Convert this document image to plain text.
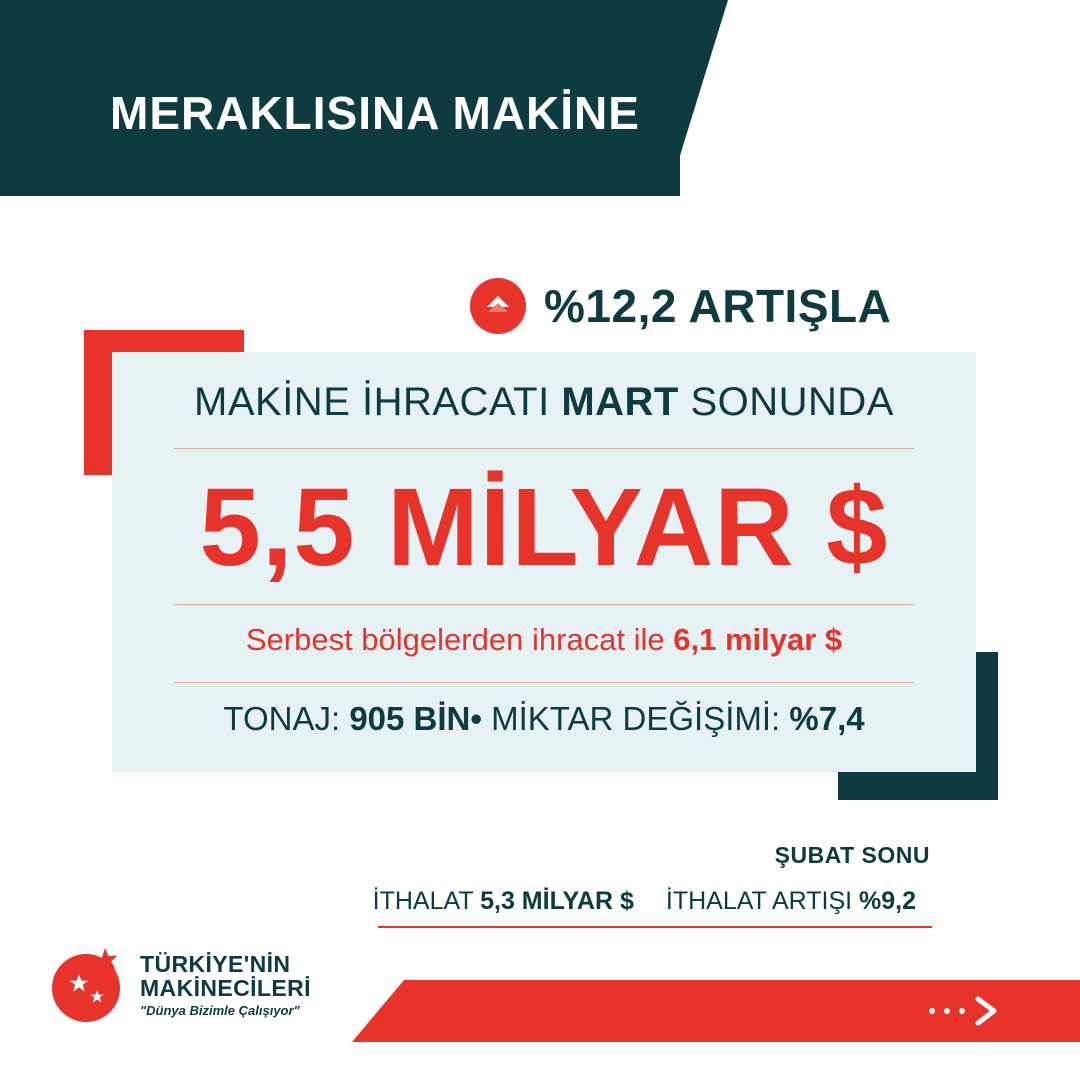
MERAKLISINA MAKİNE
%12,2 ARTIŞLA
MAKİNE İHRACATI MART SONUNDA
5,5 MİLYAR $
Serbest bölgelerden ihracat ile 6,1 milyar $
TONAJ: 905 BİN• MİKTAR DEĞİŞİMİ: %7,4
ŞUBAT SONU
İTHALAT 5,3 MİLYAR $	İTHALAT ARTIŞI %9,2
TÜRKİYE'NİN
MAKİNECİLERİ
"Dünya Bizimle Çalışıyor"
